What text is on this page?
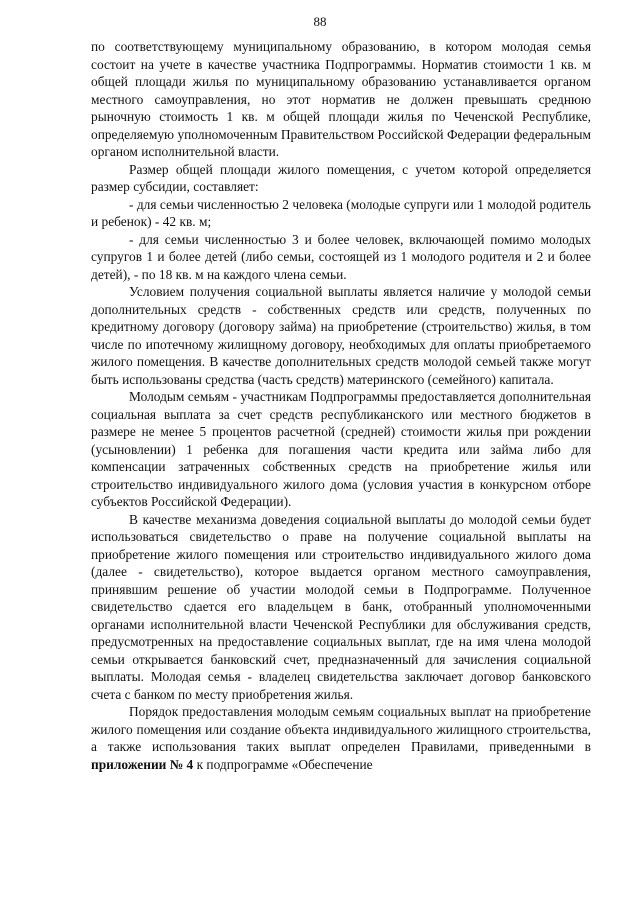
88

по соответствующему муниципальному образованию, в котором молодая семья состоит на учете в качестве участника Подпрограммы. Норматив стоимости 1 кв. м общей площади жилья по муниципальному образованию устанавливается органом местного самоуправления, но этот норматив не должен превышать среднюю рыночную стоимость 1 кв. м общей площади жилья по Чеченской Республике, определяемую уполномоченным Правительством Российской Федерации федеральным органом исполнительной власти.

Размер общей площади жилого помещения, с учетом которой определяется размер субсидии, составляет:

- для семьи численностью 2 человека (молодые супруги или 1 молодой родитель и ребенок) - 42 кв. м;

- для семьи численностью 3 и более человек, включающей помимо молодых супругов 1 и более детей (либо семьи, состоящей из 1 молодого родителя и 2 и более детей), - по 18 кв. м на каждого члена семьи.

Условием получения социальной выплаты является наличие у молодой семьи дополнительных средств - собственных средств или средств, полученных по кредитному договору (договору займа) на приобретение (строительство) жилья, в том числе по ипотечному жилищному договору, необходимых для оплаты приобретаемого жилого помещения. В качестве дополнительных средств молодой семьей также могут быть использованы средства (часть средств) материнского (семейного) капитала.

Молодым семьям - участникам Подпрограммы предоставляется дополнительная социальная выплата за счет средств республиканского или местного бюджетов в размере не менее 5 процентов расчетной (средней) стоимости жилья при рождении (усыновлении) 1 ребенка для погашения части кредита или займа либо для компенсации затраченных собственных средств на приобретение жилья или строительство индивидуального жилого дома (условия участия в конкурсном отборе субъектов Российской Федерации).

В качестве механизма доведения социальной выплаты до молодой семьи будет использоваться свидетельство о праве на получение социальной выплаты на приобретение жилого помещения или строительство индивидуального жилого дома (далее - свидетельство), которое выдается органом местного самоуправления, принявшим решение об участии молодой семьи в Подпрограмме. Полученное свидетельство сдается его владельцем в банк, отобранный уполномоченными органами исполнительной власти Чеченской Республики для обслуживания средств, предусмотренных на предоставление социальных выплат, где на имя члена молодой семьи открывается банковский счет, предназначенный для зачисления социальной выплаты. Молодая семья - владелец свидетельства заключает договор банковского счета с банком по месту приобретения жилья.

Порядок предоставления молодым семьям социальных выплат на приобретение жилого помещения или создание объекта индивидуального жилищного строительства, а также использования таких выплат определен Правилами, приведенными в приложении № 4 к подпрограмме «Обеспечение
